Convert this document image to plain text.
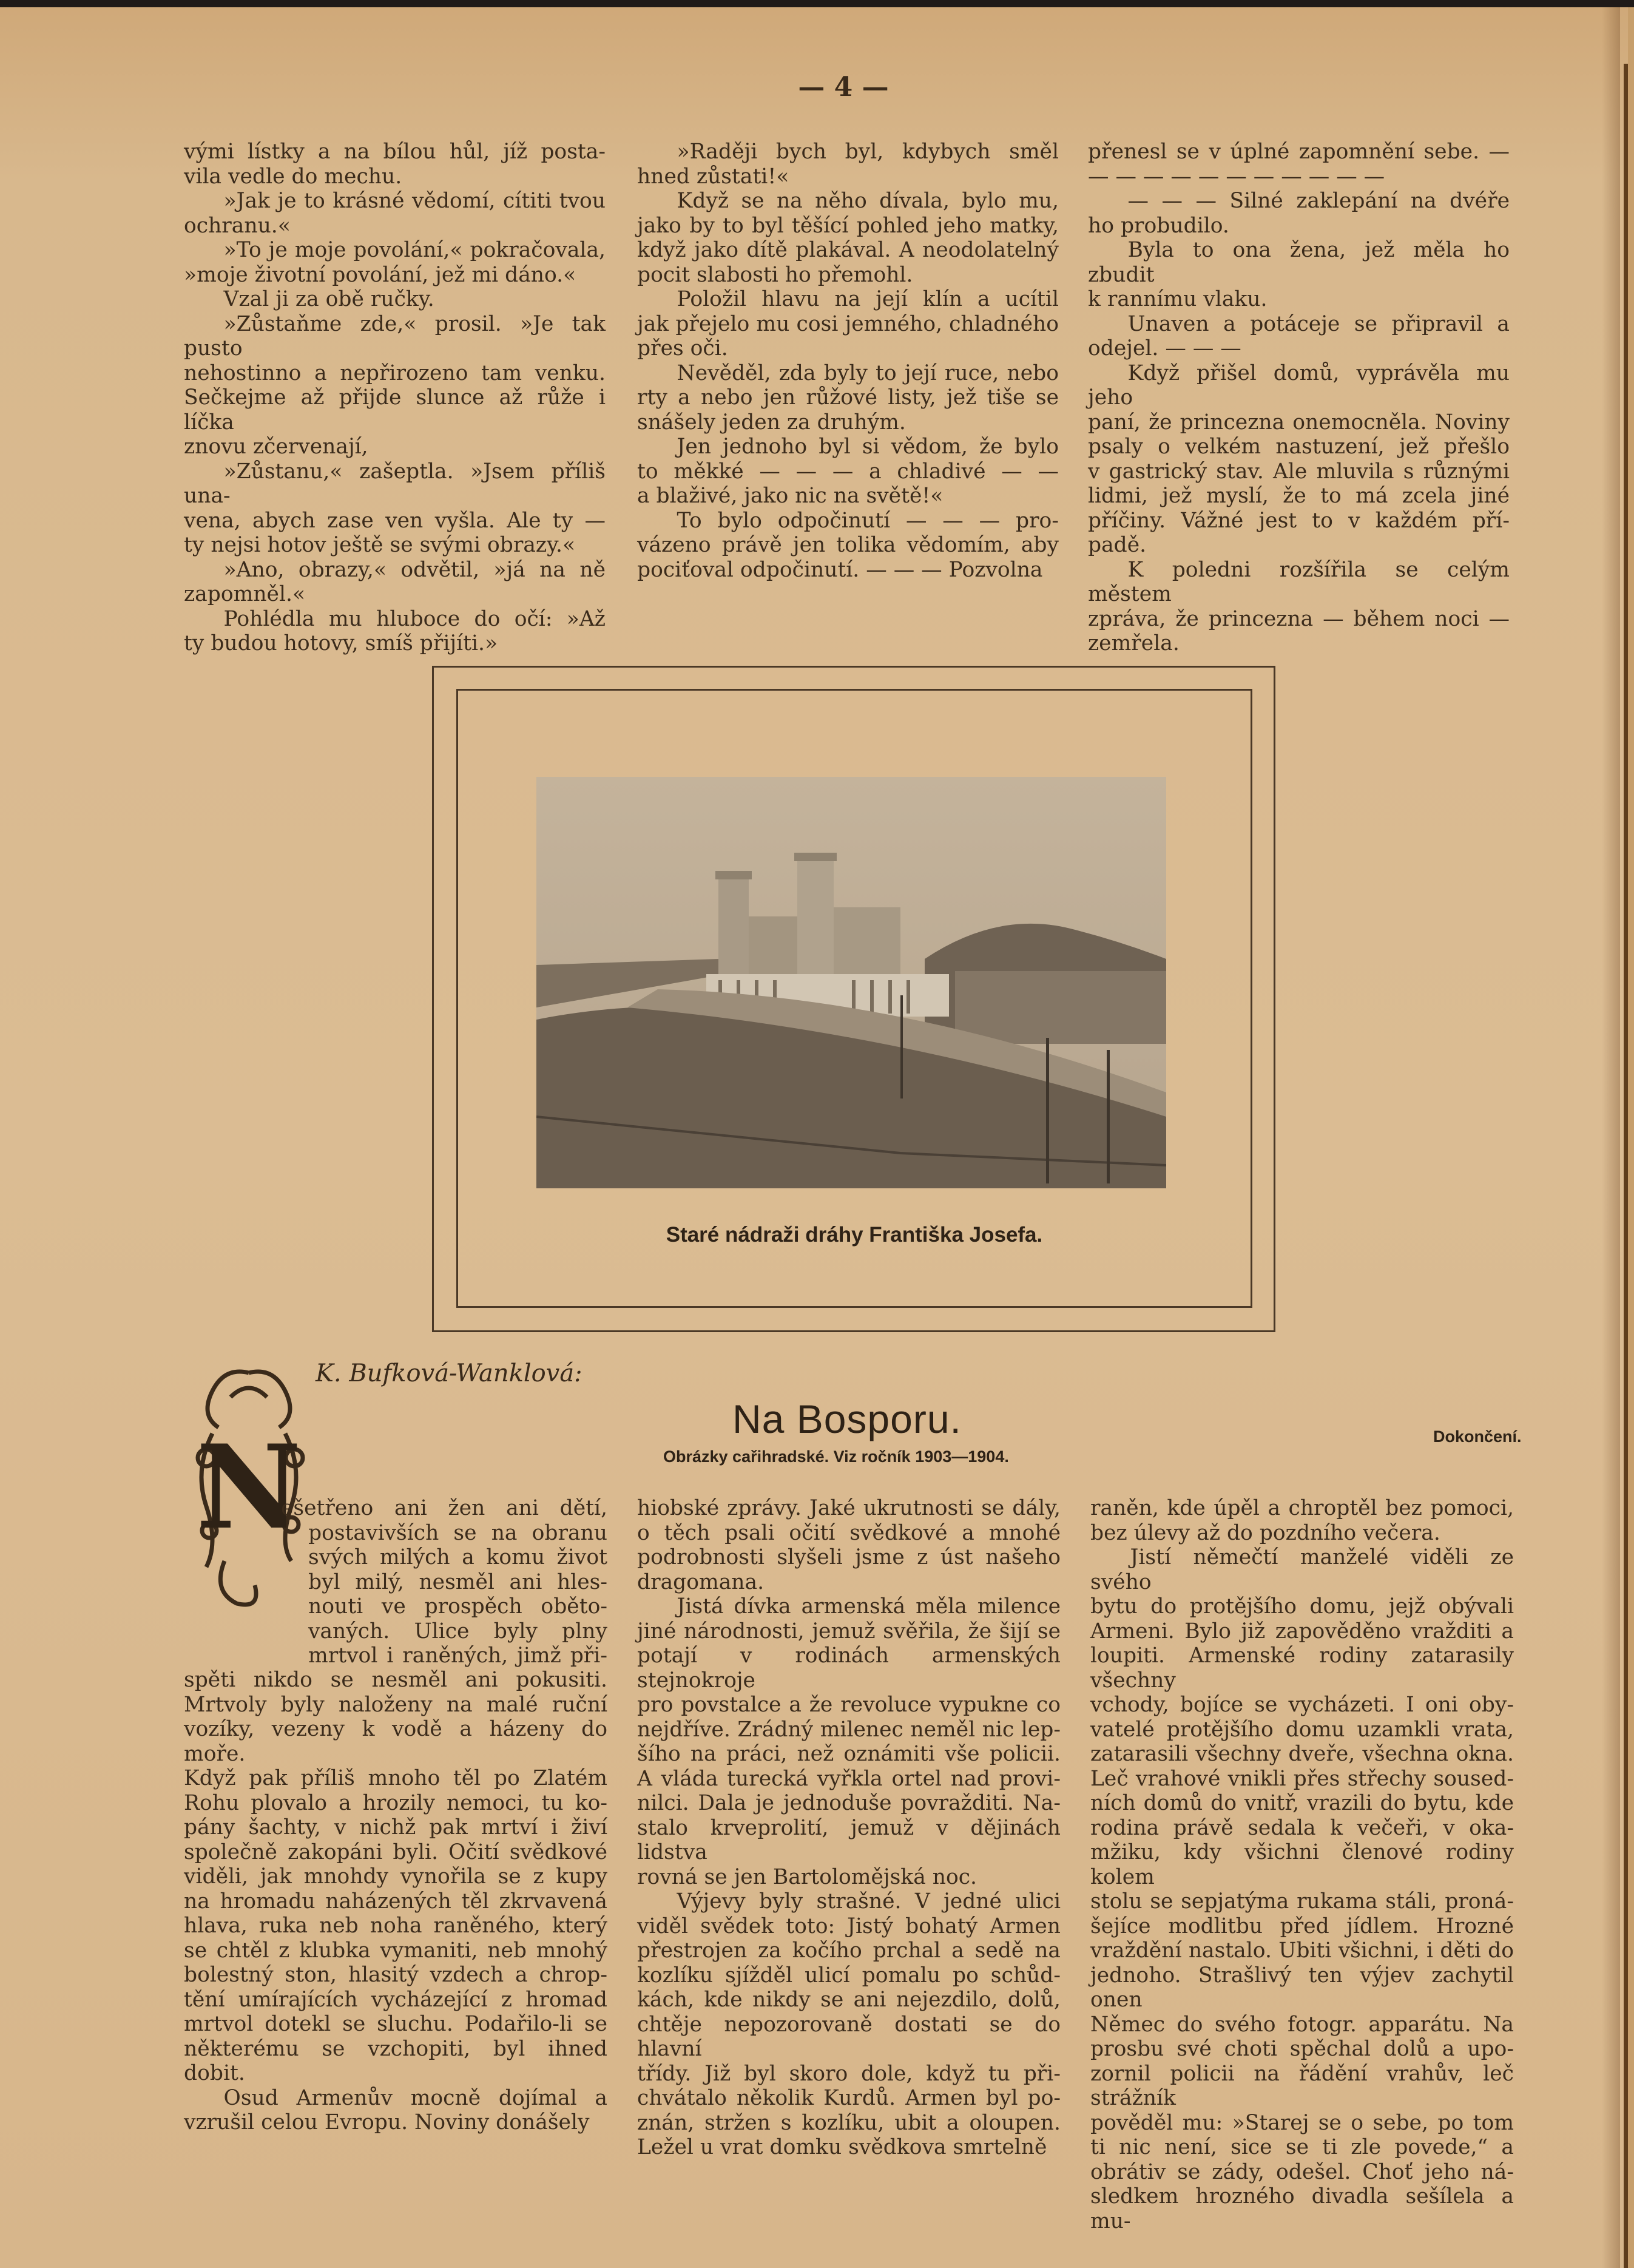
— 4 —

vými lístky a na bílou hůl, jíž posta-
vila vedle do mechu.

»Jak je to krásné vědomí, cítiti tvou
ochranu.«

»To je moje povolání,« pokračovala,
»moje životní povolání, jež mi dáno.«

Vzal ji za obě ručky.

»Zůstaňme zde,« prosil. »Je tak pusto
nehostinno a nepřirozeno tam venku.
Sečkejme až přijde slunce až růže i líčka
znovu zčervenají,

»Zůstanu,« zašeptla. »Jsem příliš una-
vena, abych zase ven vyšla. Ale ty —
ty nejsi hotov ještě se svými obrazy.«

»Ano, obrazy,« odvětil, »já na ně
zapomněl.«

Pohlédla mu hluboce do očí: »Až
ty budou hotovy, smíš přijíti.»

»Raději bych byl, kdybych směl
hned zůstati!«

Když se na něho dívala, bylo mu,
jako by to byl těšící pohled jeho matky,
když jako dítě plakával. A neodolatelný
pocit slabosti ho přemohl.

Položil hlavu na její klín a ucítil
jak přejelo mu cosi jemného, chladného
přes oči.

Nevěděl, zda byly to její ruce, nebo
rty a nebo jen růžové listy, jež tiše se
snášely jeden za druhým.

Jen jednoho byl si vědom, že bylo
to měkké — — — a chladivé — —
a blaživé, jako nic na světě!«

To bylo odpočinutí — — — pro-
vázeno právě jen tolika vědomím, aby
pociťoval odpočinutí. — — — Pozvolna

přenesl se v úplné zapomnění sebe. —
— — — — — — — — — — —

— — — Silné zaklepání na dvéře
ho probudilo.

Byla to ona žena, jež měla ho zbudit
k rannímu vlaku.

Unaven a potáceje se připravil a
odejel. — — —

Když přišel domů, vyprávěla mu jeho
paní, že princezna onemocněla. Noviny
psaly o velkém nastuzení, jež přešlo
v gastrický stav. Ale mluvila s různými
lidmi, jež myslí, že to má zcela jiné
příčiny. Vážné jest to v každém pří-
padě.

K poledni rozšířila se celým městem
zpráva, že princezna — během noci —
zemřela.

Staré nádraži dráhy Františka Josefa.
N
K. Bufková-Wanklová:
Na Bosporu.
Obrázky cařihradské. Viz ročník 1903—1904.
Dokončení.
ešetřeno ani žen ani dětí,
postavivších se na obranu
svých milých a komu život
byl milý, nesměl ani hles-
nouti ve prospěch oběto-
vaných. Ulice byly plny
mrtvol i raněných, jimž při-

spěti nikdo se nesměl ani pokusiti.
Mrtvoly byly naloženy na malé ruční
vozíky, vezeny k vodě a házeny do moře.
Když pak příliš mnoho těl po Zlatém
Rohu plovalo a hrozily nemoci, tu ko-
pány šachty, v nichž pak mrtví i živí
společně zakopáni byli. Očití svědkové
viděli, jak mnohdy vynořila se z kupy
na hromadu naházených těl zkrvavená
hlava, ruka neb noha raněného, který
se chtěl z klubka vymaniti, neb mnohý
bolestný ston, hlasitý vzdech a chrop-
tění umírajících vycházející z hromad
mrtvol dotekl se sluchu. Podařilo-li se
některému se vzchopiti, byl ihned dobit.

Osud Armenův mocně dojímal a
vzrušil celou Evropu. Noviny donášely

hiobské zprávy. Jaké ukrutnosti se dály,
o těch psali očití svědkové a mnohé
podrobnosti slyšeli jsme z úst našeho
dragomana.

Jistá dívka armenská měla milence
jiné národnosti, jemuž svěřila, že šijí se
potají v rodinách armenských stejnokroje
pro povstalce a že revoluce vypukne co
nejdříve. Zrádný milenec neměl nic lep-
šího na práci, než oznámiti vše policii.
A vláda turecká vyřkla ortel nad provi-
nilci. Dala je jednoduše povražditi. Na-
stalo krveprolití, jemuž v dějinách lidstva
rovná se jen Bartolomějská noc.

Výjevy byly strašné. V jedné ulici
viděl svědek toto: Jistý bohatý Armen
přestrojen za kočího prchal a sedě na
kozlíku sjížděl ulicí pomalu po schůd-
kách, kde nikdy se ani nejezdilo, dolů,
chtěje nepozorovaně dostati se do hlavní
třídy. Již byl skoro dole, když tu při-
chvátalo několik Kurdů. Armen byl po-
znán, stržen s kozlíku, ubit a oloupen.
Ležel u vrat domku svědkova smrtelně

raněn, kde úpěl a chroptěl bez pomoci,
bez úlevy až do pozdního večera.

Jistí němečtí manželé viděli ze svého
bytu do protějšího domu, jejž obývali
Armeni. Bylo již zapověděno vražditi a
loupiti. Armenské rodiny zatarasily všechny
vchody, bojíce se vycházeti. I oni oby-
vatelé protějšího domu uzamkli vrata,
zatarasili všechny dveře, všechna okna.
Leč vrahové vnikli přes střechy soused-
ních domů do vnitř, vrazili do bytu, kde
rodina právě sedala k večeři, v oka-
mžiku, kdy všichni členové rodiny kolem
stolu se sepjatýma rukama stáli, proná-
šejíce modlitbu před jídlem. Hrozné
vraždění nastalo. Ubiti všichni, i děti do
jednoho. Strašlivý ten výjev zachytil onen
Němec do svého fotogr. apparátu. Na
prosbu své choti spěchal dolů a upo-
zornil policii na řádění vrahův, leč strážník
pověděl mu: »Starej se o sebe, po tom
ti nic není, sice se ti zle povede,“ a
obrátiv se zády, odešel. Choť jeho ná-
sledkem hrozného divadla sešílela a mu-
